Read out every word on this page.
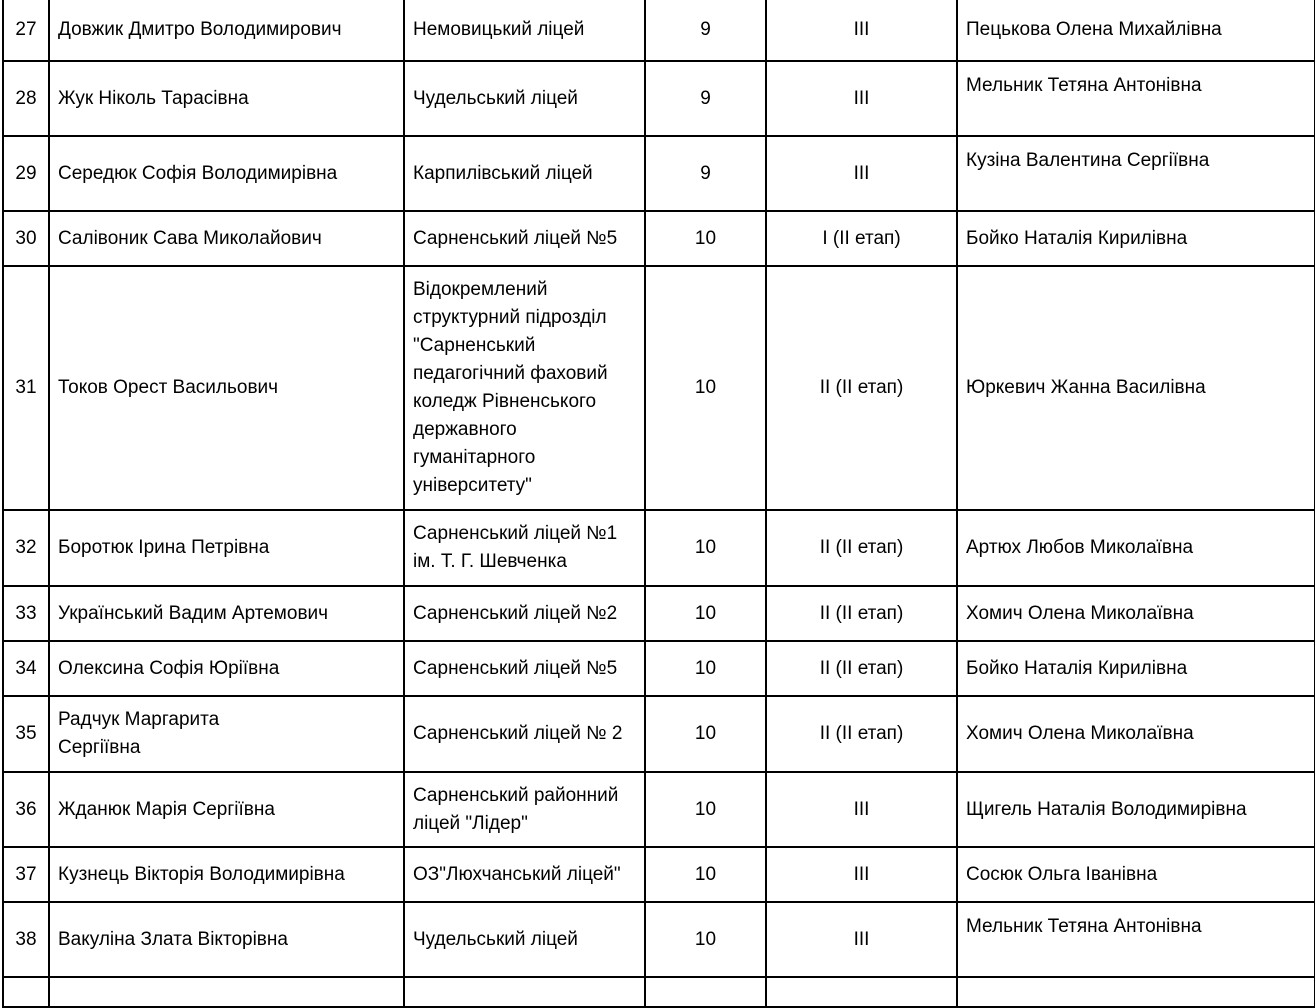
27	Довжик Дмитро Володимирович	Немовицький ліцей	9	ІІІ	Пецькова Олена Михайлівна
28	Жук Ніколь Тарасівна	Чудельський ліцей	9	ІІІ	Мельник Тетяна Антонівна
29	Середюк Софія Володимирівна	Карпилівський ліцей	9	ІІІ	Кузіна Валентина Сергіївна
30	Салівоник Сава Миколайович	Сарненський ліцей №5	10	І (ІІ етап)	Бойко Наталія Кирилівна
31	Токов Орест Васильович	Відокремлений структурний підрозділ "Сарненський педагогічний фаховий коледж Рівненського державного гуманітарного університету"	10	ІІ (ІІ етап)	Юркевич Жанна Василівна
32	Боротюк Ірина Петрівна	Сарненський ліцей №1 ім. Т. Г. Шевченка	10	ІІ (ІІ етап)	Артюх Любов Миколаївна
33	Український Вадим Артемович	Сарненський ліцей №2	10	ІІ (ІІ етап)	Хомич Олена Миколаївна
34	Олексина Софія Юріївна	Сарненський ліцей №5	10	ІІ (ІІ етап)	Бойко Наталія Кирилівна
35	Радчук Маргарита Сергіївна	Сарненський ліцей № 2	10	ІІ (ІІ етап)	Хомич Олена Миколаївна
36	Жданюк Марія Сергіївна	Сарненський районний ліцей "Лідер"	10	ІІІ	Щигель Наталія Володимирівна
37	Кузнець Вікторія Володимирівна	ОЗ"Люхчанський ліцей"	10	ІІІ	Сосюк Ольга Іванівна
38	Вакуліна Злата Вікторівна	Чудельський ліцей	10	ІІІ	Мельник Тетяна Антонівна
